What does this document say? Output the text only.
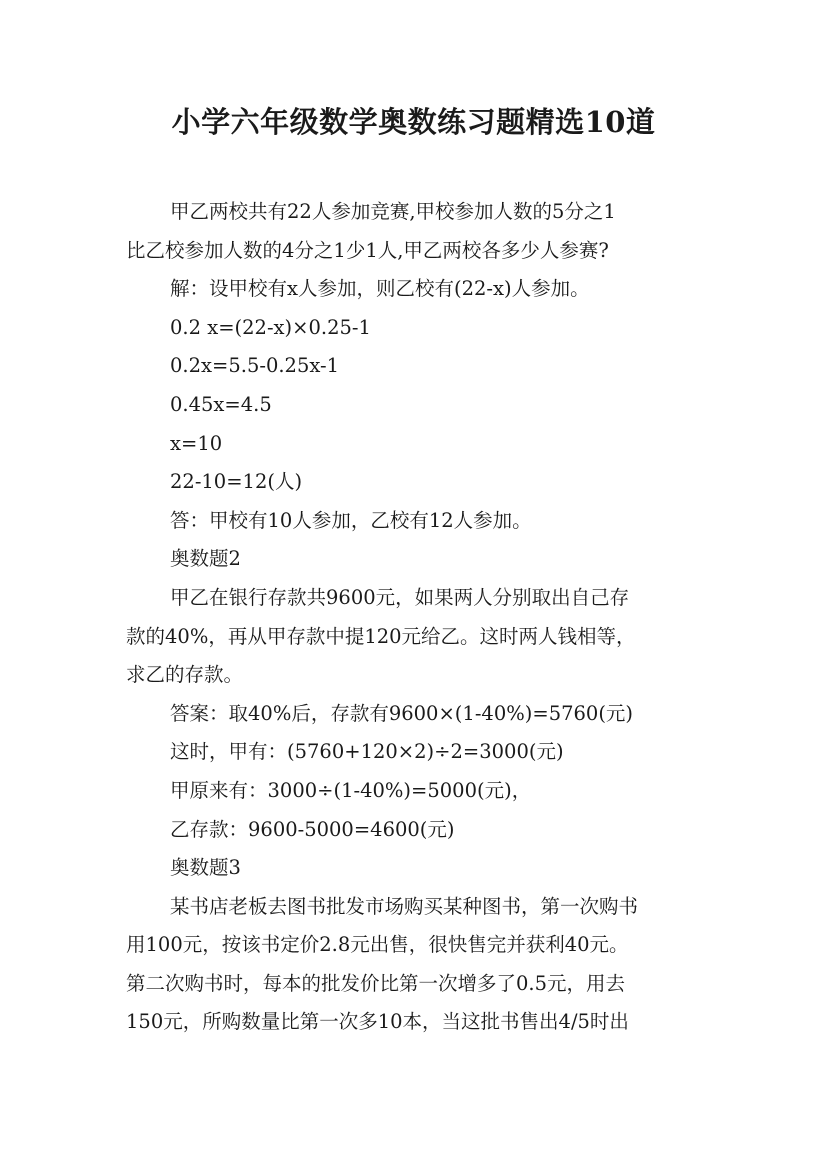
小学六年级数学奥数练习题精选10道
甲乙两校共有22人参加竞赛,甲校参加人数的5分之1
比乙校参加人数的4分之1少1人,甲乙两校各多少人参赛?
解：设甲校有x人参加，则乙校有(22-x)人参加。
0.2 x=(22-x)×0.25-1
0.2x=5.5-0.25x-1
0.45x=4.5
x=10
22-10=12(人)
答：甲校有10人参加，乙校有12人参加。
奥数题2
甲乙在银行存款共9600元，如果两人分别取出自己存
款的40%，再从甲存款中提120元给乙。这时两人钱相等，
求乙的存款。
答案：取40%后，存款有9600×(1-40%)=5760(元)
这时，甲有：(5760+120×2)÷2=3000(元)
甲原来有：3000÷(1-40%)=5000(元)，
乙存款：9600-5000=4600(元)
奥数题3
某书店老板去图书批发市场购买某种图书，第一次购书
用100元，按该书定价2.8元出售，很快售完并获利40元。
第二次购书时，每本的批发价比第一次增多了0.5元，用去
150元，所购数量比第一次多10本，当这批书售出4/5时出
